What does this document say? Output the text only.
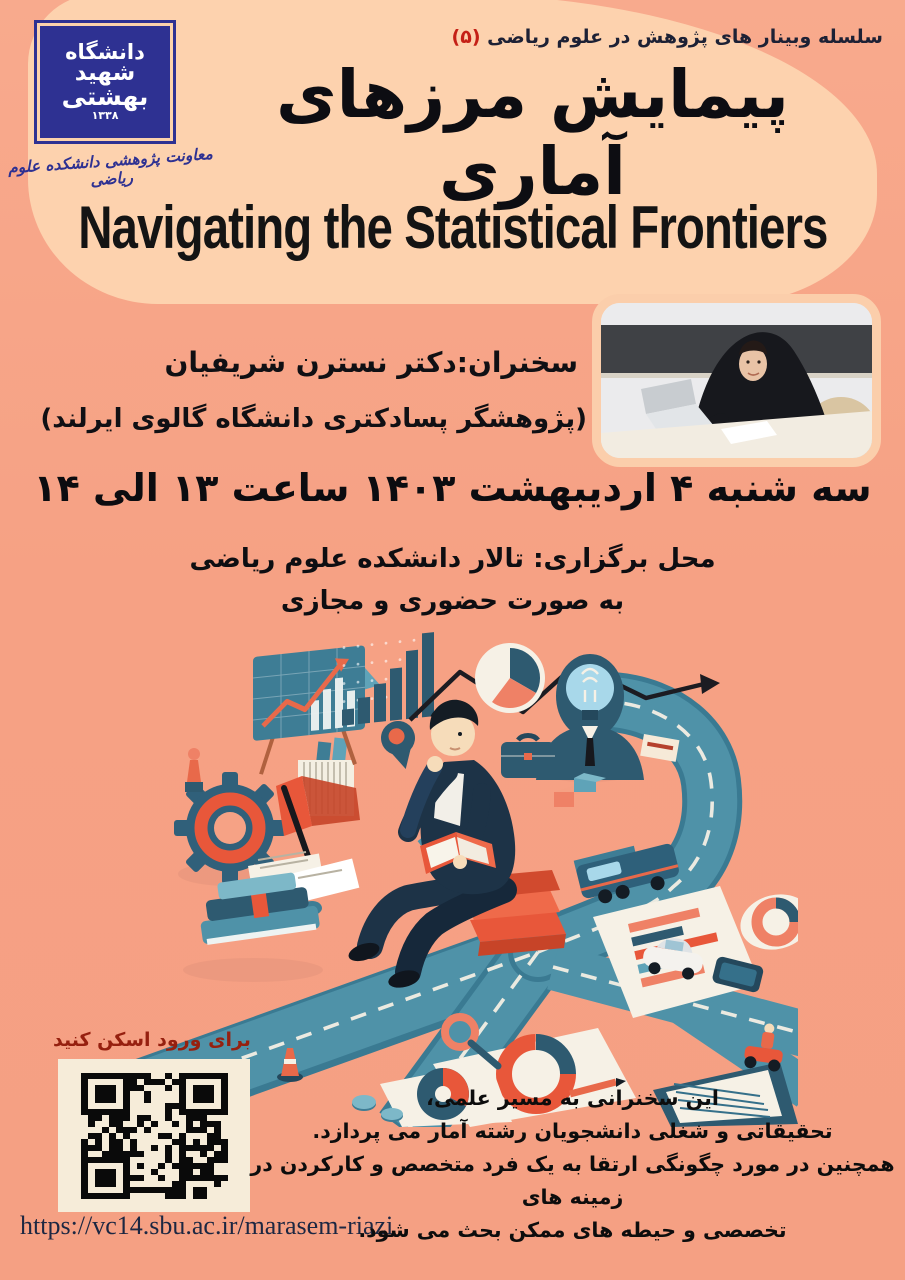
سلسله وبینار های پژوهش در علوم ریاضی (۵)
دانشگاه
شهید
بهشتی
۱۳۳۸
معاونت پژوهشی دانشکده علوم ریاضی
پیمایش مرزهای آماری
Navigating the Statistical Frontiers
سخنران:دکتر نسترن شریفیان
(پژوهشگر پسادکتری دانشگاه گالوی ایرلند)
سه شنبه ۴ اردیبهشت ۱۴۰۳ ساعت ۱۳ الی ۱۴
محل برگزاری: تالار دانشکده علوم ریاضی
به صورت حضوری و مجازی
برای ورود اسکن کنید
https://vc14.sbu.ac.ir/marasem-riazi
این سخنرانی به مسیر علمی،
تحقیقاتی و شغلی دانشجویان رشته آمار می پردازد.
همچنین در مورد چگونگی ارتقا به یک فرد متخصص و کارکردن در زمینه های
تخصصی و حیطه های ممکن بحث می شود.
